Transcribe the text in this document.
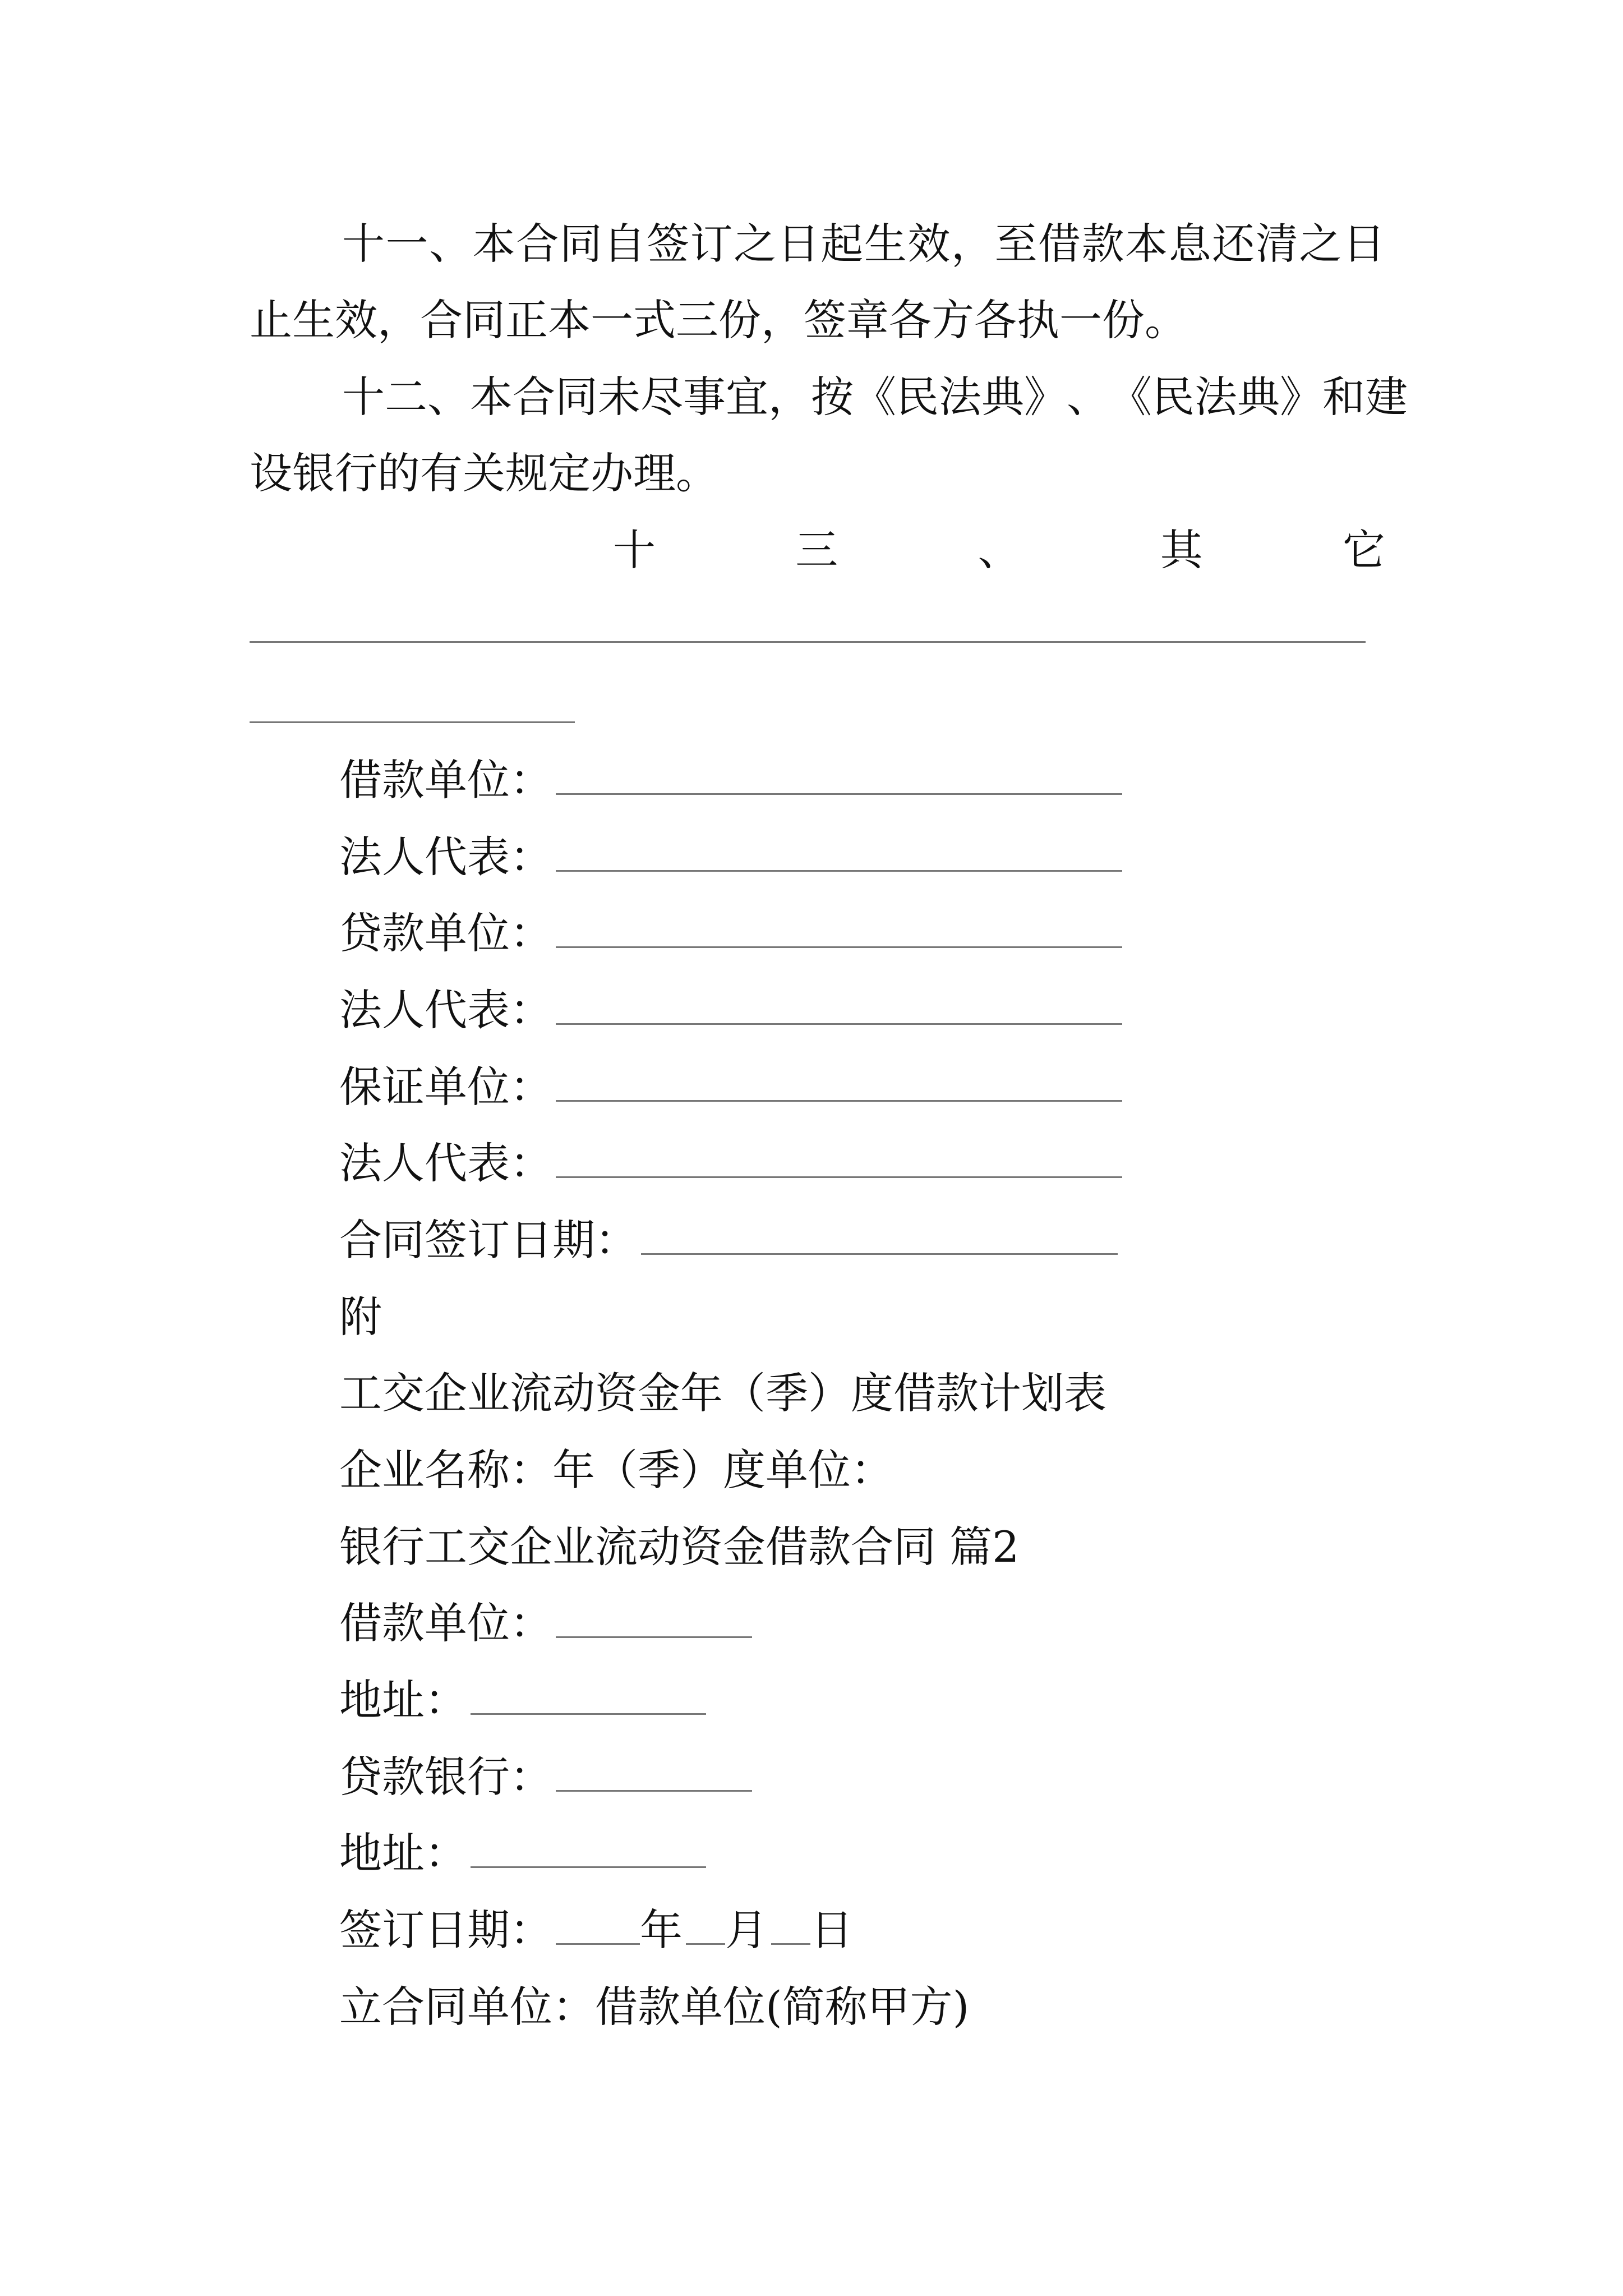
十 一 、 本 合 同 自 签 订 之 日 起 生 效 ， 至 借 款 本 息 还 清 之 日
止生效，合同正本一式三份，签章各方各执一份。
十 二 、 本 合 同 未 尽 事 宜 ， 按 《 民 法 典 》 、 《 民 法 典 》 和 建
设银行的有关规定办理。
十	三	、	其	它
借款单位：
法人代表：
贷款单位：
法人代表：
保证单位：
法人代表：
合同签订日期：
附
工交企业流动资金年（季）度借款计划表
企业名称：年（季）度单位：
银行工交企业流动资金借款合同 篇2
借款单位：
地址：
贷款银行：
地址：
签订日期： 年 月 日
立合同单位：借款单位(简称甲方)
